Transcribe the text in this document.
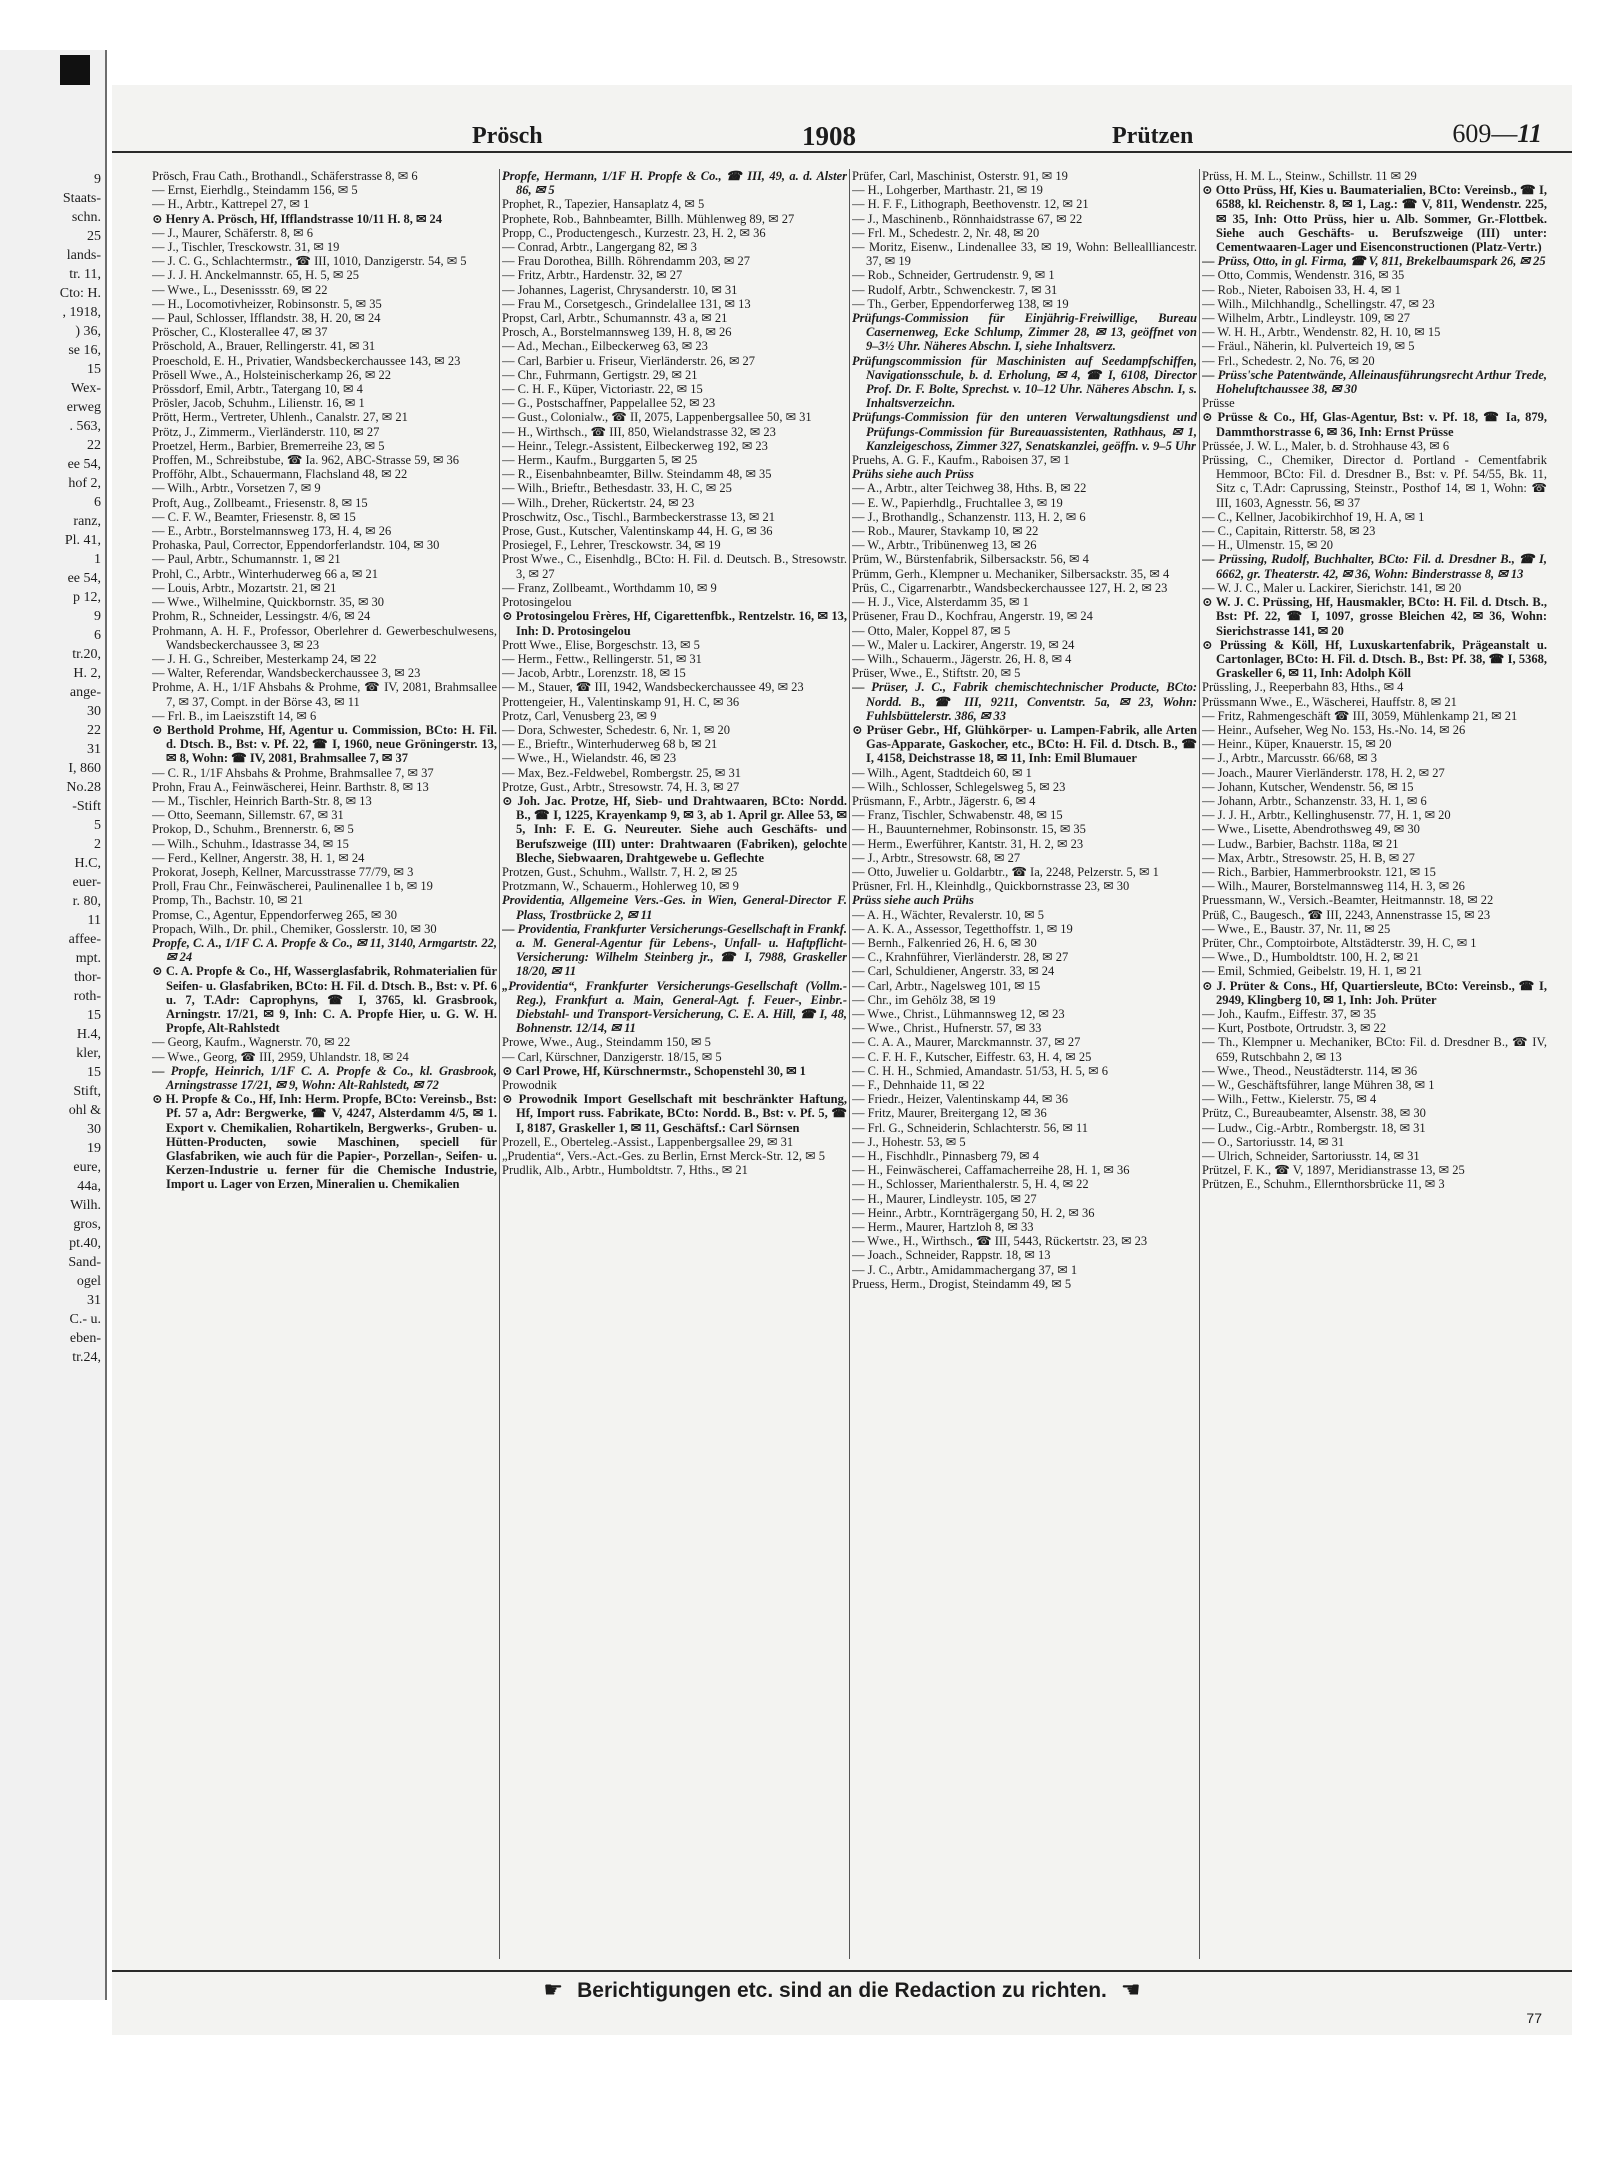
9
Staats-
schn.
25
lands-
tr. 11,
Cto: H.
, 1918,
) 36,
se 16,
15
Wex-
erweg
. 563,
22
ee 54,
hof 2,
6
ranz,
Pl. 41,
1
ee 54,
p 12,
9
6
tr.20,
H. 2,
ange-
30
22
31
I, 860
No.28
-Stift
5
2
H.C,
euer-
r. 80,
11
affee-
mpt.
thor-
roth-
15
H.4,
kler,
15
Stift,
ohl &
30
19
eure,
44a,
Wilh.
gros,
pt.40,
Sand-
ogel
31
C.- u.
eben-
tr.24,
Prösch	1908	Prützen	609—11

Prösch, Frau Cath., Brothandl., Schäferstrasse 8, ✉ 6

— Ernst, Eierhdlg., Steindamm 156, ✉ 5

— H., Arbtr., Kattrepel 27, ✉ 1

⊙ Henry A. Prösch, Hf, Ifflandstrasse 10/11 H. 8, ✉ 24

— J., Maurer, Schäferstr. 8, ✉ 6

— J., Tischler, Tresckowstr. 31, ✉ 19

— J. C. G., Schlachtermstr., ☎ III, 1010, Danzigerstr. 54, ✉ 5

— J. J. H. Anckelmannstr. 65, H. 5, ✉ 25

— Wwe., L., Desenissstr. 69, ✉ 22

— H., Locomotivheizer, Robinsonstr. 5, ✉ 35

— Paul, Schlosser, Ifflandstr. 38, H. 20, ✉ 24

Pröscher, C., Klosterallee 47, ✉ 37

Pröschold, A., Brauer, Rellingerstr. 41, ✉ 31

Proeschold, E. H., Privatier, Wandsbeckerchaussee 143, ✉ 23

Prösell Wwe., A., Holsteinischerkamp 26, ✉ 22

Prössdorf, Emil, Arbtr., Tatergang 10, ✉ 4

Prösler, Jacob, Schuhm., Lilienstr. 16, ✉ 1

Prött, Herm., Vertreter, Uhlenh., Canalstr. 27, ✉ 21

Prötz, J., Zimmerm., Vierländerstr. 110, ✉ 27

Proetzel, Herm., Barbier, Bremerreihe 23, ✉ 5

Proffen, M., Schreibstube, ☎ Ia. 962, ABC-Strasse 59, ✉ 36

Profföhr, Albt., Schauermann, Flachsland 48, ✉ 22

— Wilh., Arbtr., Vorsetzen 7, ✉ 9

Proft, Aug., Zollbeamt., Friesenstr. 8, ✉ 15

— C. F. W., Beamter, Friesenstr. 8, ✉ 15

— E., Arbtr., Borstelmannsweg 173, H. 4, ✉ 26

Prohaska, Paul, Corrector, Eppendorferlandstr. 104, ✉ 30

— Paul, Arbtr., Schumannstr. 1, ✉ 21

Prohl, C., Arbtr., Winterhuderweg 66 a, ✉ 21

— Louis, Arbtr., Mozartstr. 21, ✉ 21

— Wwe., Wilhelmine, Quickbornstr. 35, ✉ 30

Prohm, R., Schneider, Lessingstr. 4/6, ✉ 24

Prohmann, A. H. F., Professor, Oberlehrer d. Gewerbeschulwesens, Wandsbeckerchaussee 3, ✉ 23

— J. H. G., Schreiber, Mesterkamp 24, ✉ 22

— Walter, Referendar, Wandsbeckerchaussee 3, ✉ 23

Prohme, A. H., 1/1F Ahsbahs & Prohme, ☎ IV, 2081, Brahmsallee 7, ✉ 37, Compt. in der Börse 43, ✉ 11

— Frl. B., im Laeiszstift 14, ✉ 6

⊙ Berthold Prohme, Hf, Agentur u. Commission, BCto: H. Fil. d. Dtsch. B., Bst: v. Pf. 22, ☎ I, 1960, neue Gröningerstr. 13, ✉ 8, Wohn: ☎ IV, 2081, Brahmsallee 7, ✉ 37

— C. R., 1/1F Ahsbahs & Prohme, Brahmsallee 7, ✉ 37

Prohn, Frau A., Feinwäscherei, Heinr. Barthstr. 8, ✉ 13

— M., Tischler, Heinrich Barth-Str. 8, ✉ 13

— Otto, Seemann, Sillemstr. 67, ✉ 31

Prokop, D., Schuhm., Brennerstr. 6, ✉ 5

— Wilh., Schuhm., Idastrasse 34, ✉ 15

— Ferd., Kellner, Angerstr. 38, H. 1, ✉ 24

Prokorat, Joseph, Kellner, Marcusstrasse 77/79, ✉ 3

Proll, Frau Chr., Feinwäscherei, Paulinenallee 1 b, ✉ 19

Promp, Th., Bachstr. 10, ✉ 21

Promse, C., Agentur, Eppendorferweg 265, ✉ 30

Propach, Wilh., Dr. phil., Chemiker, Gosslerstr. 10, ✉ 30

Propfe, C. A., 1/1F C. A. Propfe & Co., ✉ 11, 3140, Armgartstr. 22, ✉ 24

⊙ C. A. Propfe & Co., Hf, Wasserglasfabrik, Rohmaterialien für Seifen- u. Glasfabriken, BCto: H. Fil. d. Dtsch. B., Bst: v. Pf. 6 u. 7, T.Adr: Caprophyns, ☎ I, 3765, kl. Grasbrook, Arningstr. 17/21, ✉ 9, Inh: C. A. Propfe Hier, u. G. W. H. Propfe, Alt-Rahlstedt

— Georg, Kaufm., Wagnerstr. 70, ✉ 22

— Wwe., Georg, ☎ III, 2959, Uhlandstr. 18, ✉ 24

— Propfe, Heinrich, 1/1F C. A. Propfe & Co., kl. Grasbrook, Arningstrasse 17/21, ✉ 9, Wohn: Alt-Rahlstedt, ✉ 72

⊙ H. Propfe & Co., Hf, Inh: Herm. Propfe, BCto: Vereinsb., Bst: Pf. 57 a, Adr: Bergwerke, ☎ V, 4247, Alsterdamm 4/5, ✉ 1. Export v. Chemikalien, Rohartikeln, Bergwerks-, Gruben- u. Hütten-Producten, sowie Maschinen, speciell für Glasfabriken, wie auch für die Papier-, Porzellan-, Seifen- u. Kerzen-Industrie u. ferner für die Chemische Industrie, Import u. Lager von Erzen, Mineralien u. Chemikalien

Propfe, Hermann, 1/1F H. Propfe & Co., ☎ III, 49, a. d. Alster 86, ✉ 5

Prophet, R., Tapezier, Hansaplatz 4, ✉ 5

Prophete, Rob., Bahnbeamter, Billh. Mühlenweg 89, ✉ 27

Propp, C., Productengesch., Kurzestr. 23, H. 2, ✉ 36

— Conrad, Arbtr., Langergang 82, ✉ 3

— Frau Dorothea, Billh. Röhrendamm 203, ✉ 27

— Fritz, Arbtr., Hardenstr. 32, ✉ 27

— Johannes, Lagerist, Chrysanderstr. 10, ✉ 31

— Frau M., Corsetgesch., Grindelallee 131, ✉ 13

Propst, Carl, Arbtr., Schumannstr. 43 a, ✉ 21

Prosch, A., Borstelmannsweg 139, H. 8, ✉ 26

— Ad., Mechan., Eilbeckerweg 63, ✉ 23

— Carl, Barbier u. Friseur, Vierländerstr. 26, ✉ 27

— Chr., Fuhrmann, Gertigstr. 29, ✉ 21

— C. H. F., Küper, Victoriastr. 22, ✉ 15

— G., Postschaffner, Pappelallee 52, ✉ 23

— Gust., Colonialw., ☎ II, 2075, Lappenbergsallee 50, ✉ 31

— H., Wirthsch., ☎ III, 850, Wielandstrasse 32, ✉ 23

— Heinr., Telegr.-Assistent, Eilbeckerweg 192, ✉ 23

— Herm., Kaufm., Burggarten 5, ✉ 25

— R., Eisenbahnbeamter, Billw. Steindamm 48, ✉ 35

— Wilh., Brieftr., Bethesdastr. 33, H. C, ✉ 25

— Wilh., Dreher, Rückertstr. 24, ✉ 23

Proschwitz, Osc., Tischl., Barmbeckerstrasse 13, ✉ 21

Prose, Gust., Kutscher, Valentinskamp 44, H. G, ✉ 36

Prosiegel, F., Lehrer, Tresckowstr. 34, ✉ 19

Prost Wwe., C., Eisenhdlg., BCto: H. Fil. d. Deutsch. B., Stresowstr. 3, ✉ 27

— Franz, Zollbeamt., Worthdamm 10, ✉ 9

Protosingelou

⊙ Protosingelou Frères, Hf, Cigarettenfbk., Rentzelstr. 16, ✉ 13, Inh: D. Protosingelou

Prott Wwe., Elise, Borgeschstr. 13, ✉ 5

— Herm., Fettw., Rellingerstr. 51, ✉ 31

— Jacob, Arbtr., Lorenzstr. 18, ✉ 15

— M., Stauer, ☎ III, 1942, Wandsbeckerchaussee 49, ✉ 23

Prottengeier, H., Valentinskamp 91, H. C, ✉ 36

Protz, Carl, Venusberg 23, ✉ 9

— Dora, Schwester, Schedestr. 6, Nr. 1, ✉ 20

— E., Brieftr., Winterhuderweg 68 b, ✉ 21

— Wwe., H., Wielandstr. 46, ✉ 23

— Max, Bez.-Feldwebel, Rombergstr. 25, ✉ 31

Protze, Gust., Arbtr., Stresowstr. 74, H. 3, ✉ 27

⊙ Joh. Jac. Protze, Hf, Sieb- und Drahtwaaren, BCto: Nordd. B., ☎ I, 1225, Krayenkamp 9, ✉ 3, ab 1. April gr. Allee 53, ✉ 5, Inh: F. E. G. Neureuter. Siehe auch Geschäfts- und Berufszweige (III) unter: Drahtwaaren (Fabriken), gelochte Bleche, Siebwaaren, Drahtgewebe u. Geflechte

Protzen, Gust., Schuhm., Wallstr. 7, H. 2, ✉ 25

Protzmann, W., Schauerm., Hohlerweg 10, ✉ 9

Providentia, Allgemeine Vers.-Ges. in Wien, General-Director F. Plass, Trostbrücke 2, ✉ 11

— Providentia, Frankfurter Versicherungs-Gesellschaft in Frankf. a. M. General-Agentur für Lebens-, Unfall- u. Haftpflicht-Versicherung: Wilhelm Steinberg jr., ☎ I, 7988, Graskeller 18/20, ✉ 11

„Providentia“, Frankfurter Versicherungs-Gesellschaft (Vollm.-Reg.), Frankfurt a. Main, General-Agt. f. Feuer-, Einbr.-Diebstahl- und Transport-Versicherung, C. E. A. Hill, ☎ I, 48, Bohnenstr. 12/14, ✉ 11

Prowe, Wwe., Aug., Steindamm 150, ✉ 5

— Carl, Kürschner, Danzigerstr. 18/15, ✉ 5

⊙ Carl Prowe, Hf, Kürschnermstr., Schopenstehl 30, ✉ 1

Prowodnik

⊙ Prowodnik Import Gesellschaft mit beschränkter Haftung, Hf, Import russ. Fabrikate, BCto: Nordd. B., Bst: v. Pf. 5, ☎ I, 8187, Graskeller 1, ✉ 11, Geschäftsf.: Carl Sörnsen

Prozell, E., Oberteleg.-Assist., Lappenbergsallee 29, ✉ 31

„Prudentia“, Vers.-Act.-Ges. zu Berlin, Ernst Merck-Str. 12, ✉ 5

Prudlik, Alb., Arbtr., Humboldtstr. 7, Hths., ✉ 21

Prüfer, Carl, Maschinist, Osterstr. 91, ✉ 19

— H., Lohgerber, Marthastr. 21, ✉ 19

— H. F. F., Lithograph, Beethovenstr. 12, ✉ 21

— J., Maschinenb., Rönnhaidstrasse 67, ✉ 22

— Frl. M., Schedestr. 2, Nr. 48, ✉ 20

— Moritz, Eisenw., Lindenallee 33, ✉ 19, Wohn: Belleallliancestr. 37, ✉ 19

— Rob., Schneider, Gertrudenstr. 9, ✉ 1

— Rudolf, Arbtr., Schwenckestr. 7, ✉ 31

— Th., Gerber, Eppendorferweg 138, ✉ 19

Prüfungs-Commission für Einjährig-Freiwillige, Bureau Casernenweg, Ecke Schlump, Zimmer 28, ✉ 13, geöffnet von 9–3½ Uhr. Näheres Abschn. I, siehe Inhaltsverz.

Prüfungscommission für Maschinisten auf Seedampfschiffen, Navigationsschule, b. d. Erholung, ✉ 4, ☎ I, 6108, Director Prof. Dr. F. Bolte, Sprechst. v. 10–12 Uhr. Näheres Abschn. I, s. Inhaltsverzeichn.

Prüfungs-Commission für den unteren Verwaltungsdienst und Prüfungs-Commission für Bureauassistenten, Rathhaus, ✉ 1, Kanzleigeschoss, Zimmer 327, Senatskanzlei, geöffn. v. 9–5 Uhr

Pruehs, A. G. F., Kaufm., Raboisen 37, ✉ 1

Prühs siehe auch Prüss

— A., Arbtr., alter Teichweg 38, Hths. B, ✉ 22

— E. W., Papierhdlg., Fruchtallee 3, ✉ 19

— J., Brothandlg., Schanzenstr. 113, H. 2, ✉ 6

— Rob., Maurer, Stavkamp 10, ✉ 22

— W., Arbtr., Tribünenweg 13, ✉ 26

Prüm, W., Bürstenfabrik, Silbersackstr. 56, ✉ 4

Prümm, Gerh., Klempner u. Mechaniker, Silbersackstr. 35, ✉ 4

Prüs, C., Cigarrenarbtr., Wandsbeckerchaussee 127, H. 2, ✉ 23

— H. J., Vice, Alsterdamm 35, ✉ 1

Prüsener, Frau D., Kochfrau, Angerstr. 19, ✉ 24

— Otto, Maler, Koppel 87, ✉ 5

— W., Maler u. Lackirer, Angerstr. 19, ✉ 24

— Wilh., Schauerm., Jägerstr. 26, H. 8, ✉ 4

Prüser, Wwe., E., Stiftstr. 20, ✉ 5

— Prüser, J. C., Fabrik chemischtechnischer Producte, BCto: Nordd. B., ☎ III, 9211, Conventstr. 5a, ✉ 23, Wohn: Fuhlsbüttelerstr. 386, ✉ 33

⊙ Prüser Gebr., Hf, Glühkörper- u. Lampen-Fabrik, alle Arten Gas-Apparate, Gaskocher, etc., BCto: H. Fil. d. Dtsch. B., ☎ I, 4158, Deichstrasse 18, ✉ 11, Inh: Emil Blumauer

— Wilh., Agent, Stadtdeich 60, ✉ 1

— Wilh., Schlosser, Schlegelsweg 5, ✉ 23

Prüsmann, F., Arbtr., Jägerstr. 6, ✉ 4

— Franz, Tischler, Schwabenstr. 48, ✉ 15

— H., Bauunternehmer, Robinsonstr. 15, ✉ 35

— Herm., Ewerführer, Kantstr. 31, H. 2, ✉ 23

— J., Arbtr., Stresowstr. 68, ✉ 27

— Otto, Juwelier u. Goldarbtr., ☎ Ia, 2248, Pelzerstr. 5, ✉ 1

Prüsner, Frl. H., Kleinhdlg., Quickbornstrasse 23, ✉ 30

Prüss siehe auch Prühs

— A. H., Wächter, Revalerstr. 10, ✉ 5

— A. K. A., Assessor, Tegetthoffstr. 1, ✉ 19

— Bernh., Falkenried 26, H. 6, ✉ 30

— C., Krahnführer, Vierländerstr. 28, ✉ 27

— Carl, Schuldiener, Angerstr. 33, ✉ 24

— Carl, Arbtr., Nagelsweg 101, ✉ 15

— Chr., im Gehölz 38, ✉ 19

— Wwe., Christ., Lühmannsweg 12, ✉ 23

— Wwe., Christ., Hufnerstr. 57, ✉ 33

— C. A. A., Maurer, Marckmannstr. 37, ✉ 27

— C. F. H. F., Kutscher, Eiffestr. 63, H. 4, ✉ 25

— C. H. H., Schmied, Amandastr. 51/53, H. 5, ✉ 6

— F., Dehnhaide 11, ✉ 22

— Friedr., Heizer, Valentinskamp 44, ✉ 36

— Fritz, Maurer, Breitergang 12, ✉ 36

— Frl. G., Schneiderin, Schlachterstr. 56, ✉ 11

— J., Hohestr. 53, ✉ 5

— H., Fischhdlr., Pinnasberg 79, ✉ 4

— H., Feinwäscherei, Caffamacherreihe 28, H. 1, ✉ 36

— H., Schlosser, Marienthalerstr. 5, H. 4, ✉ 22

— H., Maurer, Lindleystr. 105, ✉ 27

— Heinr., Arbtr., Kornträgergang 50, H. 2, ✉ 36

— Herm., Maurer, Hartzloh 8, ✉ 33

— Wwe., H., Wirthsch., ☎ III, 5443, Rückertstr. 23, ✉ 23

— Joach., Schneider, Rappstr. 18, ✉ 13

— J. C., Arbtr., Amidammachergang 37, ✉ 1

Pruess, Herm., Drogist, Steindamm 49, ✉ 5

Prüss, H. M. L., Steinw., Schillstr. 11 ✉ 29

⊙ Otto Prüss, Hf, Kies u. Baumaterialien, BCto: Vereinsb., ☎ I, 6588, kl. Reichenstr. 8, ✉ 1, Lag.: ☎ V, 811, Wendenstr. 225, ✉ 35, Inh: Otto Prüss, hier u. Alb. Sommer, Gr.-Flottbek. Siehe auch Geschäfts- u. Berufszweige (III) unter: Cementwaaren-Lager und Eisenconstructionen (Platz-Vertr.)

— Prüss, Otto, in gl. Firma, ☎ V, 811, Brekelbaumspark 26, ✉ 25

— Otto, Commis, Wendenstr. 316, ✉ 35

— Rob., Nieter, Raboisen 33, H. 4, ✉ 1

— Wilh., Milchhandlg., Schellingstr. 47, ✉ 23

— Wilhelm, Arbtr., Lindleystr. 109, ✉ 27

— W. H. H., Arbtr., Wendenstr. 82, H. 10, ✉ 15

— Fräul., Näherin, kl. Pulverteich 19, ✉ 5

— Frl., Schedestr. 2, No. 76, ✉ 20

— Prüss'sche Patentwände, Alleinausführungsrecht Arthur Trede, Hoheluftchaussee 38, ✉ 30

Prüsse

⊙ Prüsse & Co., Hf, Glas-Agentur, Bst: v. Pf. 18, ☎ Ia, 879, Dammthorstrasse 6, ✉ 36, Inh: Ernst Prüsse

Prüssée, J. W. L., Maler, b. d. Strohhause 43, ✉ 6

Prüssing, C., Chemiker, Director d. Portland - Cementfabrik Hemmoor, BCto: Fil. d. Dresdner B., Bst: v. Pf. 54/55, Bk. 11, Sitz c, T.Adr: Caprussing, Steinstr., Posthof 14, ✉ 1, Wohn: ☎ III, 1603, Agnesstr. 56, ✉ 37

— C., Kellner, Jacobikirchhof 19, H. A, ✉ 1

— C., Capitain, Ritterstr. 58, ✉ 23

— H., Ulmenstr. 15, ✉ 20

— Prüssing, Rudolf, Buchhalter, BCto: Fil. d. Dresdner B., ☎ I, 6662, gr. Theaterstr. 42, ✉ 36, Wohn: Binderstrasse 8, ✉ 13

— W. J. C., Maler u. Lackirer, Sierichstr. 141, ✉ 20

⊙ W. J. C. Prüssing, Hf, Hausmakler, BCto: H. Fil. d. Dtsch. B., Bst: Pf. 22, ☎ I, 1097, grosse Bleichen 42, ✉ 36, Wohn: Sierichstrasse 141, ✉ 20

⊙ Prüssing & Köll, Hf, Luxuskartenfabrik, Prägeanstalt u. Cartonlager, BCto: H. Fil. d. Dtsch. B., Bst: Pf. 38, ☎ I, 5368, Graskeller 6, ✉ 11, Inh: Adolph Köll

Prüssling, J., Reeperbahn 83, Hths., ✉ 4

Prüssmann Wwe., E., Wäscherei, Hauffstr. 8, ✉ 21

— Fritz, Rahmengeschäft ☎ III, 3059, Mühlenkamp 21, ✉ 21

— Heinr., Aufseher, Weg No. 153, Hs.-No. 14, ✉ 26

— Heinr., Küper, Knauerstr. 15, ✉ 20

— J., Arbtr., Marcusstr. 66/68, ✉ 3

— Joach., Maurer Vierländerstr. 178, H. 2, ✉ 27

— Johann, Kutscher, Wendenstr. 56, ✉ 15

— Johann, Arbtr., Schanzenstr. 33, H. 1, ✉ 6

— J. J. H., Arbtr., Kellinghusenstr. 77, H. 1, ✉ 20

— Wwe., Lisette, Abendrothsweg 49, ✉ 30

— Ludw., Barbier, Bachstr. 118a, ✉ 21

— Max, Arbtr., Stresowstr. 25, H. B, ✉ 27

— Rich., Barbier, Hammerbrookstr. 121, ✉ 15

— Wilh., Maurer, Borstelmannsweg 114, H. 3, ✉ 26

Pruessmann, W., Versich.-Beamter, Heitmannstr. 18, ✉ 22

Prüß, C., Baugesch., ☎ III, 2243, Annenstrasse 15, ✉ 23

— Wwe., E., Baustr. 37, Nr. 11, ✉ 25

Prüter, Chr., Comptoirbote, Altstädterstr. 39, H. C, ✉ 1

— Wwe., D., Humboldtstr. 100, H. 2, ✉ 21

— Emil, Schmied, Geibelstr. 19, H. 1, ✉ 21

⊙ J. Prüter & Cons., Hf, Quartiersleute, BCto: Vereinsb., ☎ I, 2949, Klingberg 10, ✉ 1, Inh: Joh. Prüter

— Joh., Kaufm., Eiffestr. 37, ✉ 35

— Kurt, Postbote, Ortrudstr. 3, ✉ 22

— Th., Klempner u. Mechaniker, BCto: Fil. d. Dresdner B., ☎ IV, 659, Rutschbahn 2, ✉ 13

— Wwe., Theod., Neustädterstr. 114, ✉ 36

— W., Geschäftsführer, lange Mühren 38, ✉ 1

— Wilh., Fettw., Kielerstr. 75, ✉ 4

Prütz, C., Bureaubeamter, Alsenstr. 38, ✉ 30

— Ludw., Cig.-Arbtr., Rombergstr. 18, ✉ 31

— O., Sartoriusstr. 14, ✉ 31

— Ulrich, Schneider, Sartoriusstr. 14, ✉ 31

Prützel, F. K., ☎ V, 1897, Meridianstrasse 13, ✉ 25

Prützen, E., Schuhm., Ellernthorsbrücke 11, ✉ 3

☛ Berichtigungen etc. sind an die Redaction zu richten. ☚
77
